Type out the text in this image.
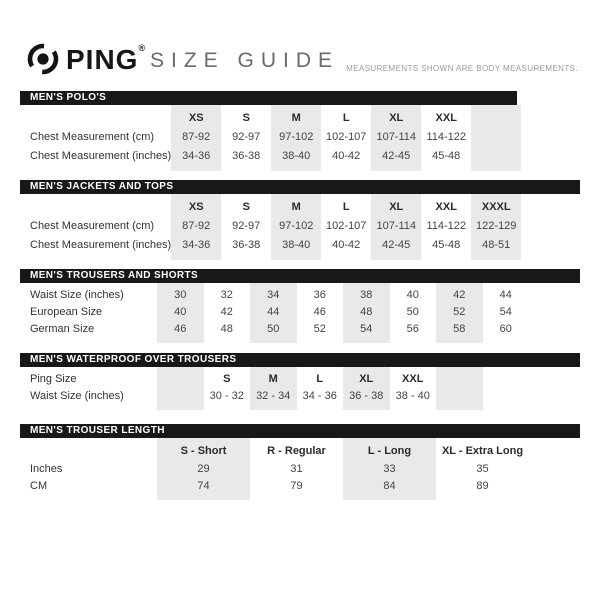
PING®
SIZE GUIDE MEASUREMENTS SHOWN ARE BODY MEASUREMENTS.
MEN'S POLO'S

	XS	S	M	L	XL	XXL	
Chest Measurement (cm)	87-92	92-97	97-102	102-107	107-114	114-122	
Chest Measurement (inches)	34-36	36-38	38-40	40-42	42-45	45-48	

MEN'S JACKETS AND TOPS

	XS	S	M	L	XL	XXL	XXXL
Chest Measurement (cm)	87-92	92-97	97-102	102-107	107-114	114-122	122-129
Chest Measurement (inches)	34-36	36-38	38-40	40-42	42-45	45-48	48-51

MEN'S TROUSERS AND SHORTS

Waist Size (inches)	30	32	34	36	38	40	42	44
European Size	40	42	44	46	48	50	52	54
German Size	46	48	50	52	54	56	58	60

MEN'S WATERPROOF OVER TROUSERS

Ping Size		S	M	L	XL	XXL		
Waist Size (inches)		30 - 32	32 - 34	34 - 36	36 - 38	38 - 40		

MEN'S TROUSER LENGTH

	S - Short	R - Regular	L - Long	XL - Extra Long
Inches	29	31	33	35
CM	74	79	84	89
